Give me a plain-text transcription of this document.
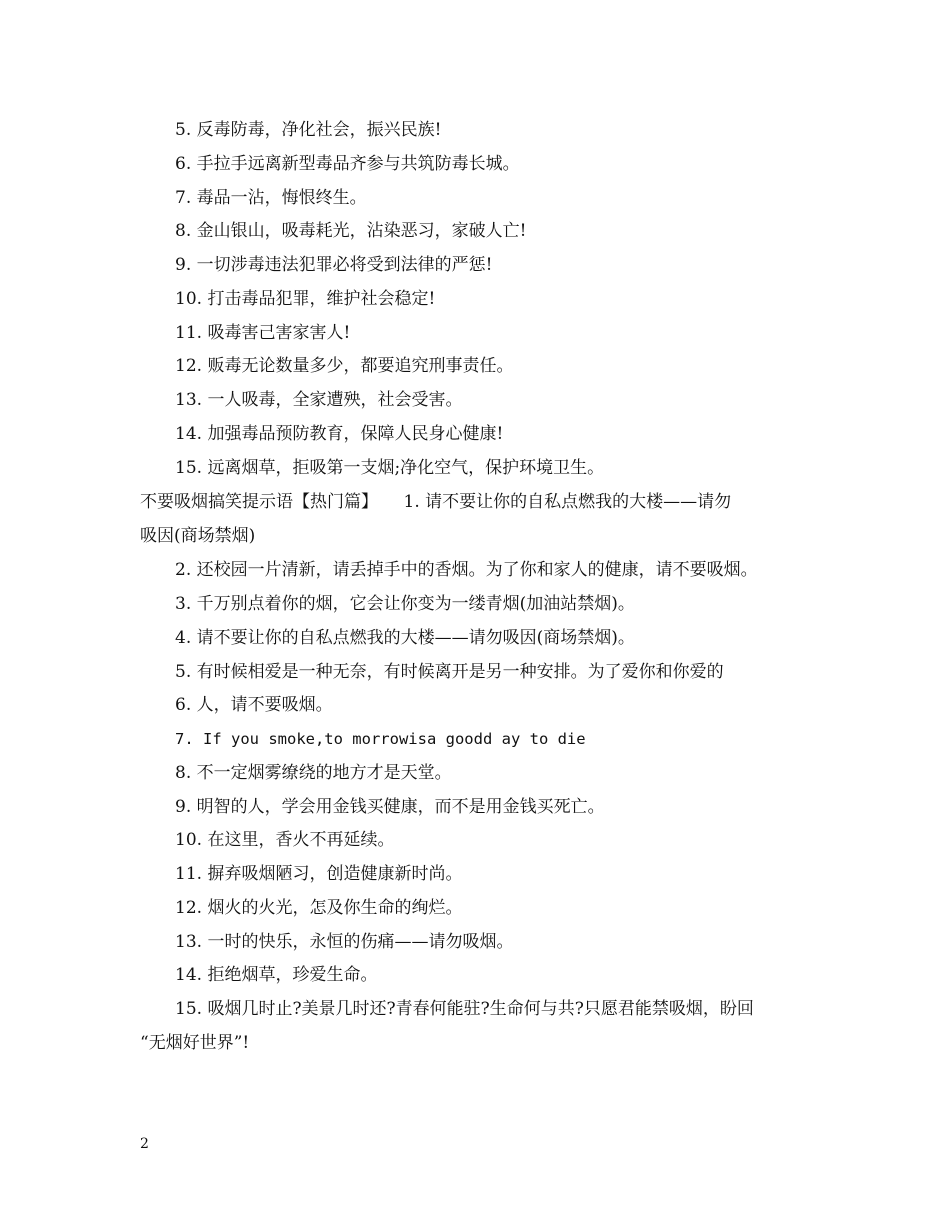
5. 反毒防毒，净化社会，振兴民族!
6. 手拉手远离新型毒品齐参与共筑防毒长城。
7. 毒品一沾，悔恨终生。
8. 金山银山，吸毒耗光，沾染恶习，家破人亡!
9. 一切涉毒违法犯罪必将受到法律的严惩!
10. 打击毒品犯罪，维护社会稳定!
11. 吸毒害己害家害人!
12. 贩毒无论数量多少，都要追究刑事责任。
13. 一人吸毒，全家遭殃，社会受害。
14. 加强毒品预防教育，保障人民身心健康!
15. 远离烟草，拒吸第一支烟;净化空气，保护环境卫生。
不要吸烟搞笑提示语【热门篇】　　1. 请不要让你的自私点燃我的大楼——请勿
吸因(商场禁烟)
2. 还校园一片清新，请丢掉手中的香烟。为了你和家人的健康，请不要吸烟。
3. 千万别点着你的烟，它会让你变为一缕青烟(加油站禁烟)。
4. 请不要让你的自私点燃我的大楼——请勿吸因(商场禁烟)。
5. 有时候相爱是一种无奈，有时候离开是另一种安排。为了爱你和你爱的
6. 人，请不要吸烟。
7. If you smoke,to morrowisa goodd ay to die
8. 不一定烟雾缭绕的地方才是天堂。
9. 明智的人，学会用金钱买健康，而不是用金钱买死亡。
10. 在这里，香火不再延续。
11. 摒弃吸烟陋习，创造健康新时尚。
12. 烟火的火光，怎及你生命的绚烂。
13. 一时的快乐，永恒的伤痛——请勿吸烟。
14. 拒绝烟草，珍爱生命。
15. 吸烟几时止?美景几时还?青春何能驻?生命何与共?只愿君能禁吸烟，盼回
“无烟好世界”!
2
